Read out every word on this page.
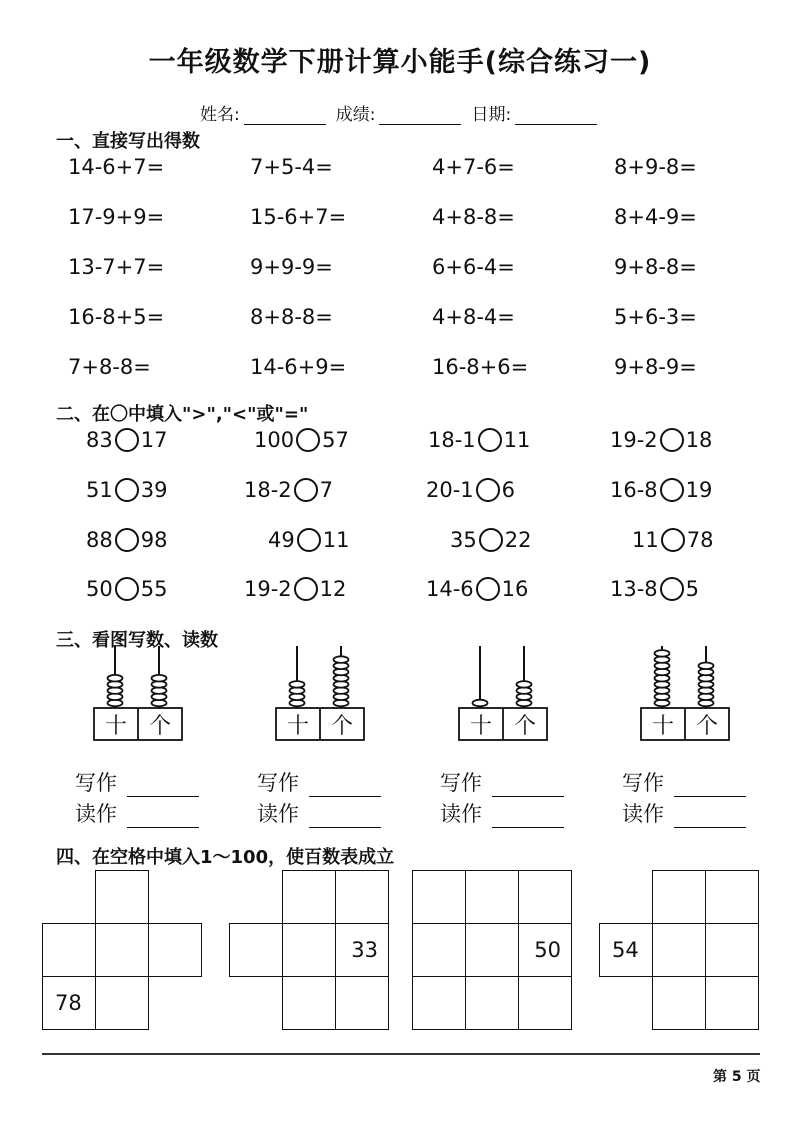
一年级数学下册计算小能手(综合练习一)
姓名:	成绩:	日期:
一、直接写出得数
14-6+7=	7+5-4=	4+7-6=	8+9-8=
17-9+9=	15-6+7=	4+8-8=	8+4-9=
13-7+7=	9+9-9=	6+6-4=	9+8-8=
16-8+5=	8+8-8=	4+8-4=	5+6-3=
7+8-8=	14-6+9=	16-8+6=	9+8-9=
二、在〇中填入">","<"或"="
83 17	100 57	18-1 11	19-2 18
51 39	18-2 7	20-1 6	16-8 19
88 98	49 11	35 22	11 78
50 55	19-2 12	14-6 16	13-8 5
三、看图写数、读数
十 个
写作
读作
十 个
写作
读作
十 个
写作
读作
十 个
写作
读作
四、在空格中填入1～100，使百数表成立
78
33	50	54
第 5 页
